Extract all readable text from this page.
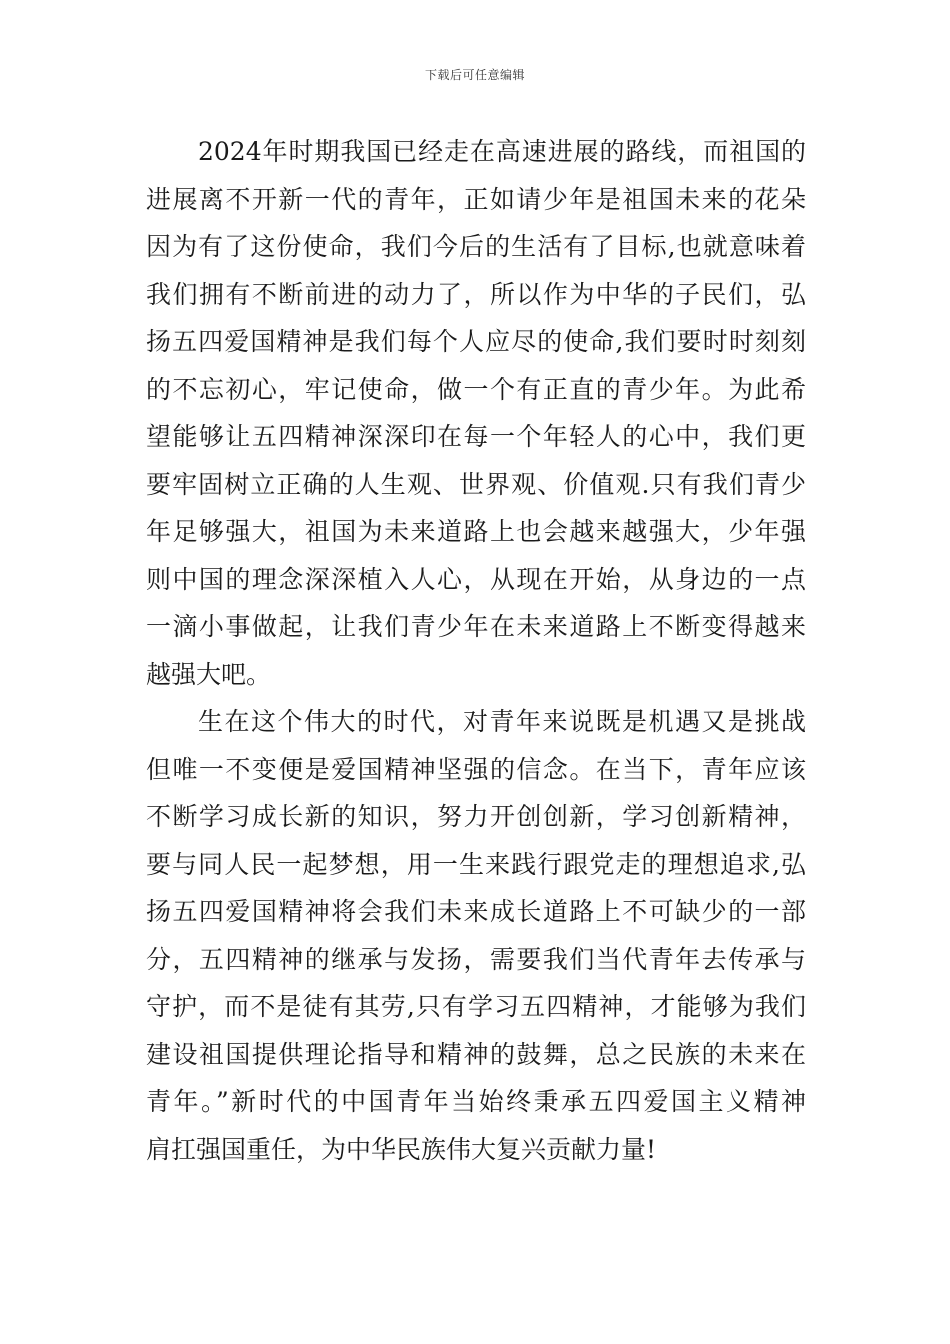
下载后可任意编辑
2024年时期我国已经走在高速进展的路线，而祖国的
进展离不开新一代的青年，正如请少年是祖国未来的花朵
因为有了这份使命，我们今后的生活有了目标,也就意味着
我们拥有不断前进的动力了，所以作为中华的子民们，弘
扬五四爱国精神是我们每个人应尽的使命,我们要时时刻刻
的不忘初心，牢记使命，做一个有正直的青少年。为此希
望能够让五四精神深深印在每一个年轻人的心中，我们更
要牢固树立正确的人生观、世界观、价值观.只有我们青少
年足够强大，祖国为未来道路上也会越来越强大，少年强
则中国的理念深深植入人心，从现在开始，从身边的一点
一滴小事做起，让我们青少年在未来道路上不断变得越来
越强大吧。
生在这个伟大的时代，对青年来说既是机遇又是挑战
但唯一不变便是爱国精神坚强的信念。在当下，青年应该
不断学习成长新的知识，努力开创创新，学习创新精神，
要与同人民一起梦想，用一生来践行跟党走的理想追求,弘
扬五四爱国精神将会我们未来成长道路上不可缺少的一部
分，五四精神的继承与发扬，需要我们当代青年去传承与
守护，而不是徒有其劳,只有学习五四精神，才能够为我们
建设祖国提供理论指导和精神的鼓舞，总之民族的未来在
青年。”新时代的中国青年当始终秉承五四爱国主义精神
肩扛强国重任，为中华民族伟大复兴贡献力量!
